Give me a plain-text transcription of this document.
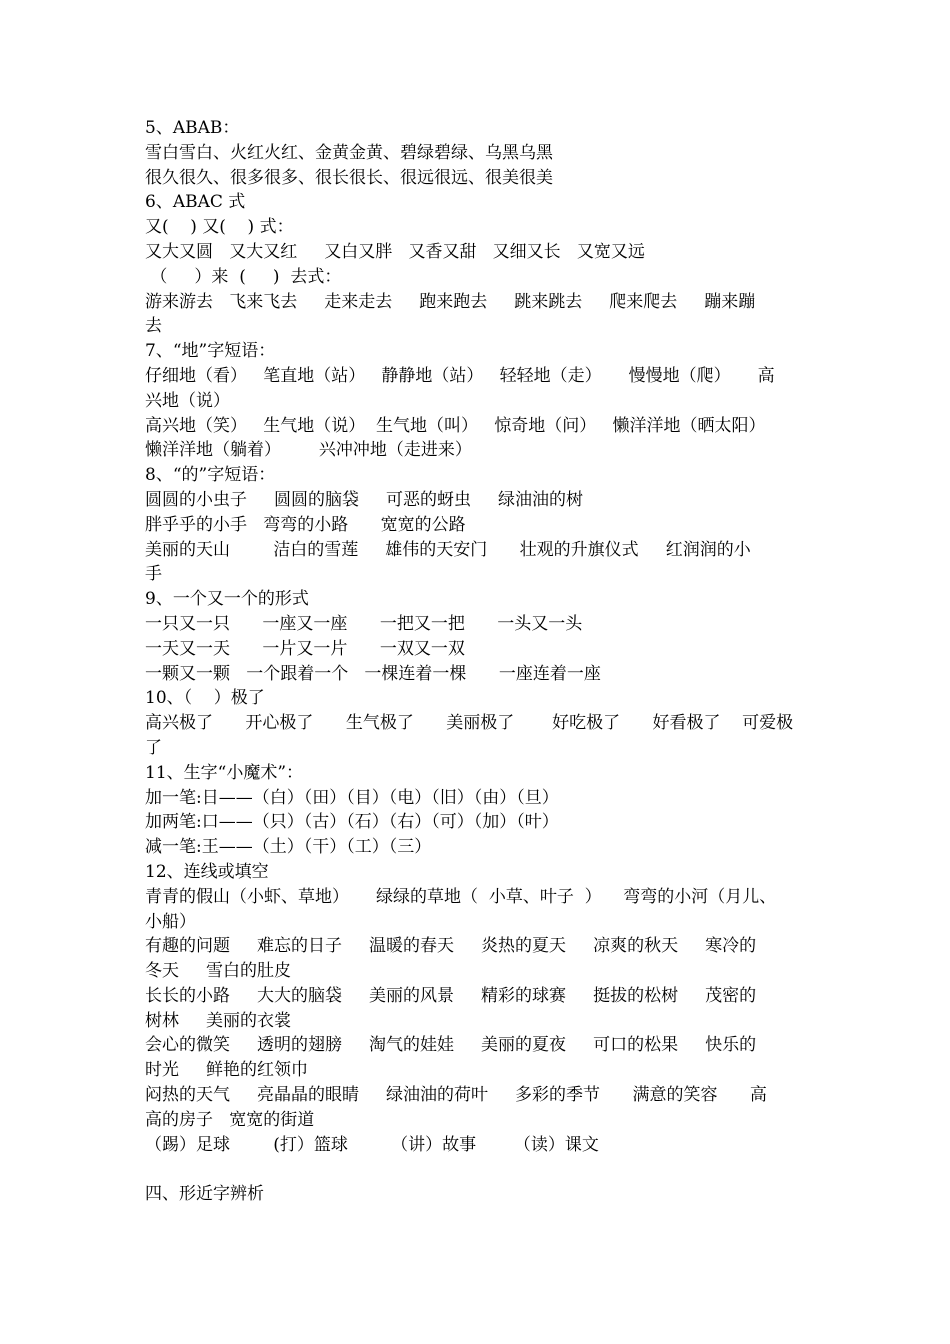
5、ABAB：
雪白雪白、火红火红、金黄金黄、碧绿碧绿、乌黑乌黑
很久很久、很多很多、很长很长、很远很远、很美很美
6、ABAC 式
又(    ) 又(    ) 式：
又大又圆   又大又红     又白又胖   又香又甜   又细又长   又宽又远
（     ）来  (     )  去式：
游来游去   飞来飞去     走来走去     跑来跑去     跳来跳去     爬来爬去     蹦来蹦
去
7、“地”字短语：
仔细地（看）   笔直地（站）   静静地（站）   轻轻地（走）     慢慢地（爬）     高
兴地（说）
高兴地（笑）   生气地（说）  生气地（叫）   惊奇地（问）   懒洋洋地（晒太阳）
懒洋洋地（躺着）       兴冲冲地（走进来）
8、“的”字短语：
圆圆的小虫子     圆圆的脑袋     可恶的蚜虫     绿油油的树
胖乎乎的小手   弯弯的小路      宽宽的公路
美丽的天山        洁白的雪莲     雄伟的天安门      壮观的升旗仪式     红润润的小
手
9、一个又一个的形式
一只又一只      一座又一座      一把又一把      一头又一头
一天又一天      一片又一片      一双又一双
一颗又一颗   一个跟着一个   一棵连着一棵      一座连着一座
10、（    ）极了
高兴极了      开心极了      生气极了      美丽极了       好吃极了      好看极了    可爱极
了
11、生字“小魔术”：
加一笔:日——（白）（田）（目）（电）（旧）（由）（旦）
加两笔:口——（只）（古）（石）（右）（可）（加）（叶）
减一笔:王——（土）（干）（工）（三）
12、连线或填空
青青的假山（小虾、草地）     绿绿的草地（  小草、叶子  ）    弯弯的小河（月儿、
小船）
有趣的问题     难忘的日子     温暖的春天     炎热的夏天     凉爽的秋天     寒冷的
冬天     雪白的肚皮
长长的小路     大大的脑袋     美丽的风景     精彩的球赛     挺拔的松树     茂密的
树林     美丽的衣裳
会心的微笑     透明的翅膀     淘气的娃娃     美丽的夏夜     可口的松果     快乐的
时光     鲜艳的红领巾
闷热的天气     亮晶晶的眼睛     绿油油的荷叶     多彩的季节      满意的笑容      高
高的房子   宽宽的街道
（踢）足球        (打）篮球        （讲）故事       （读）课文
四、形近字辨析
